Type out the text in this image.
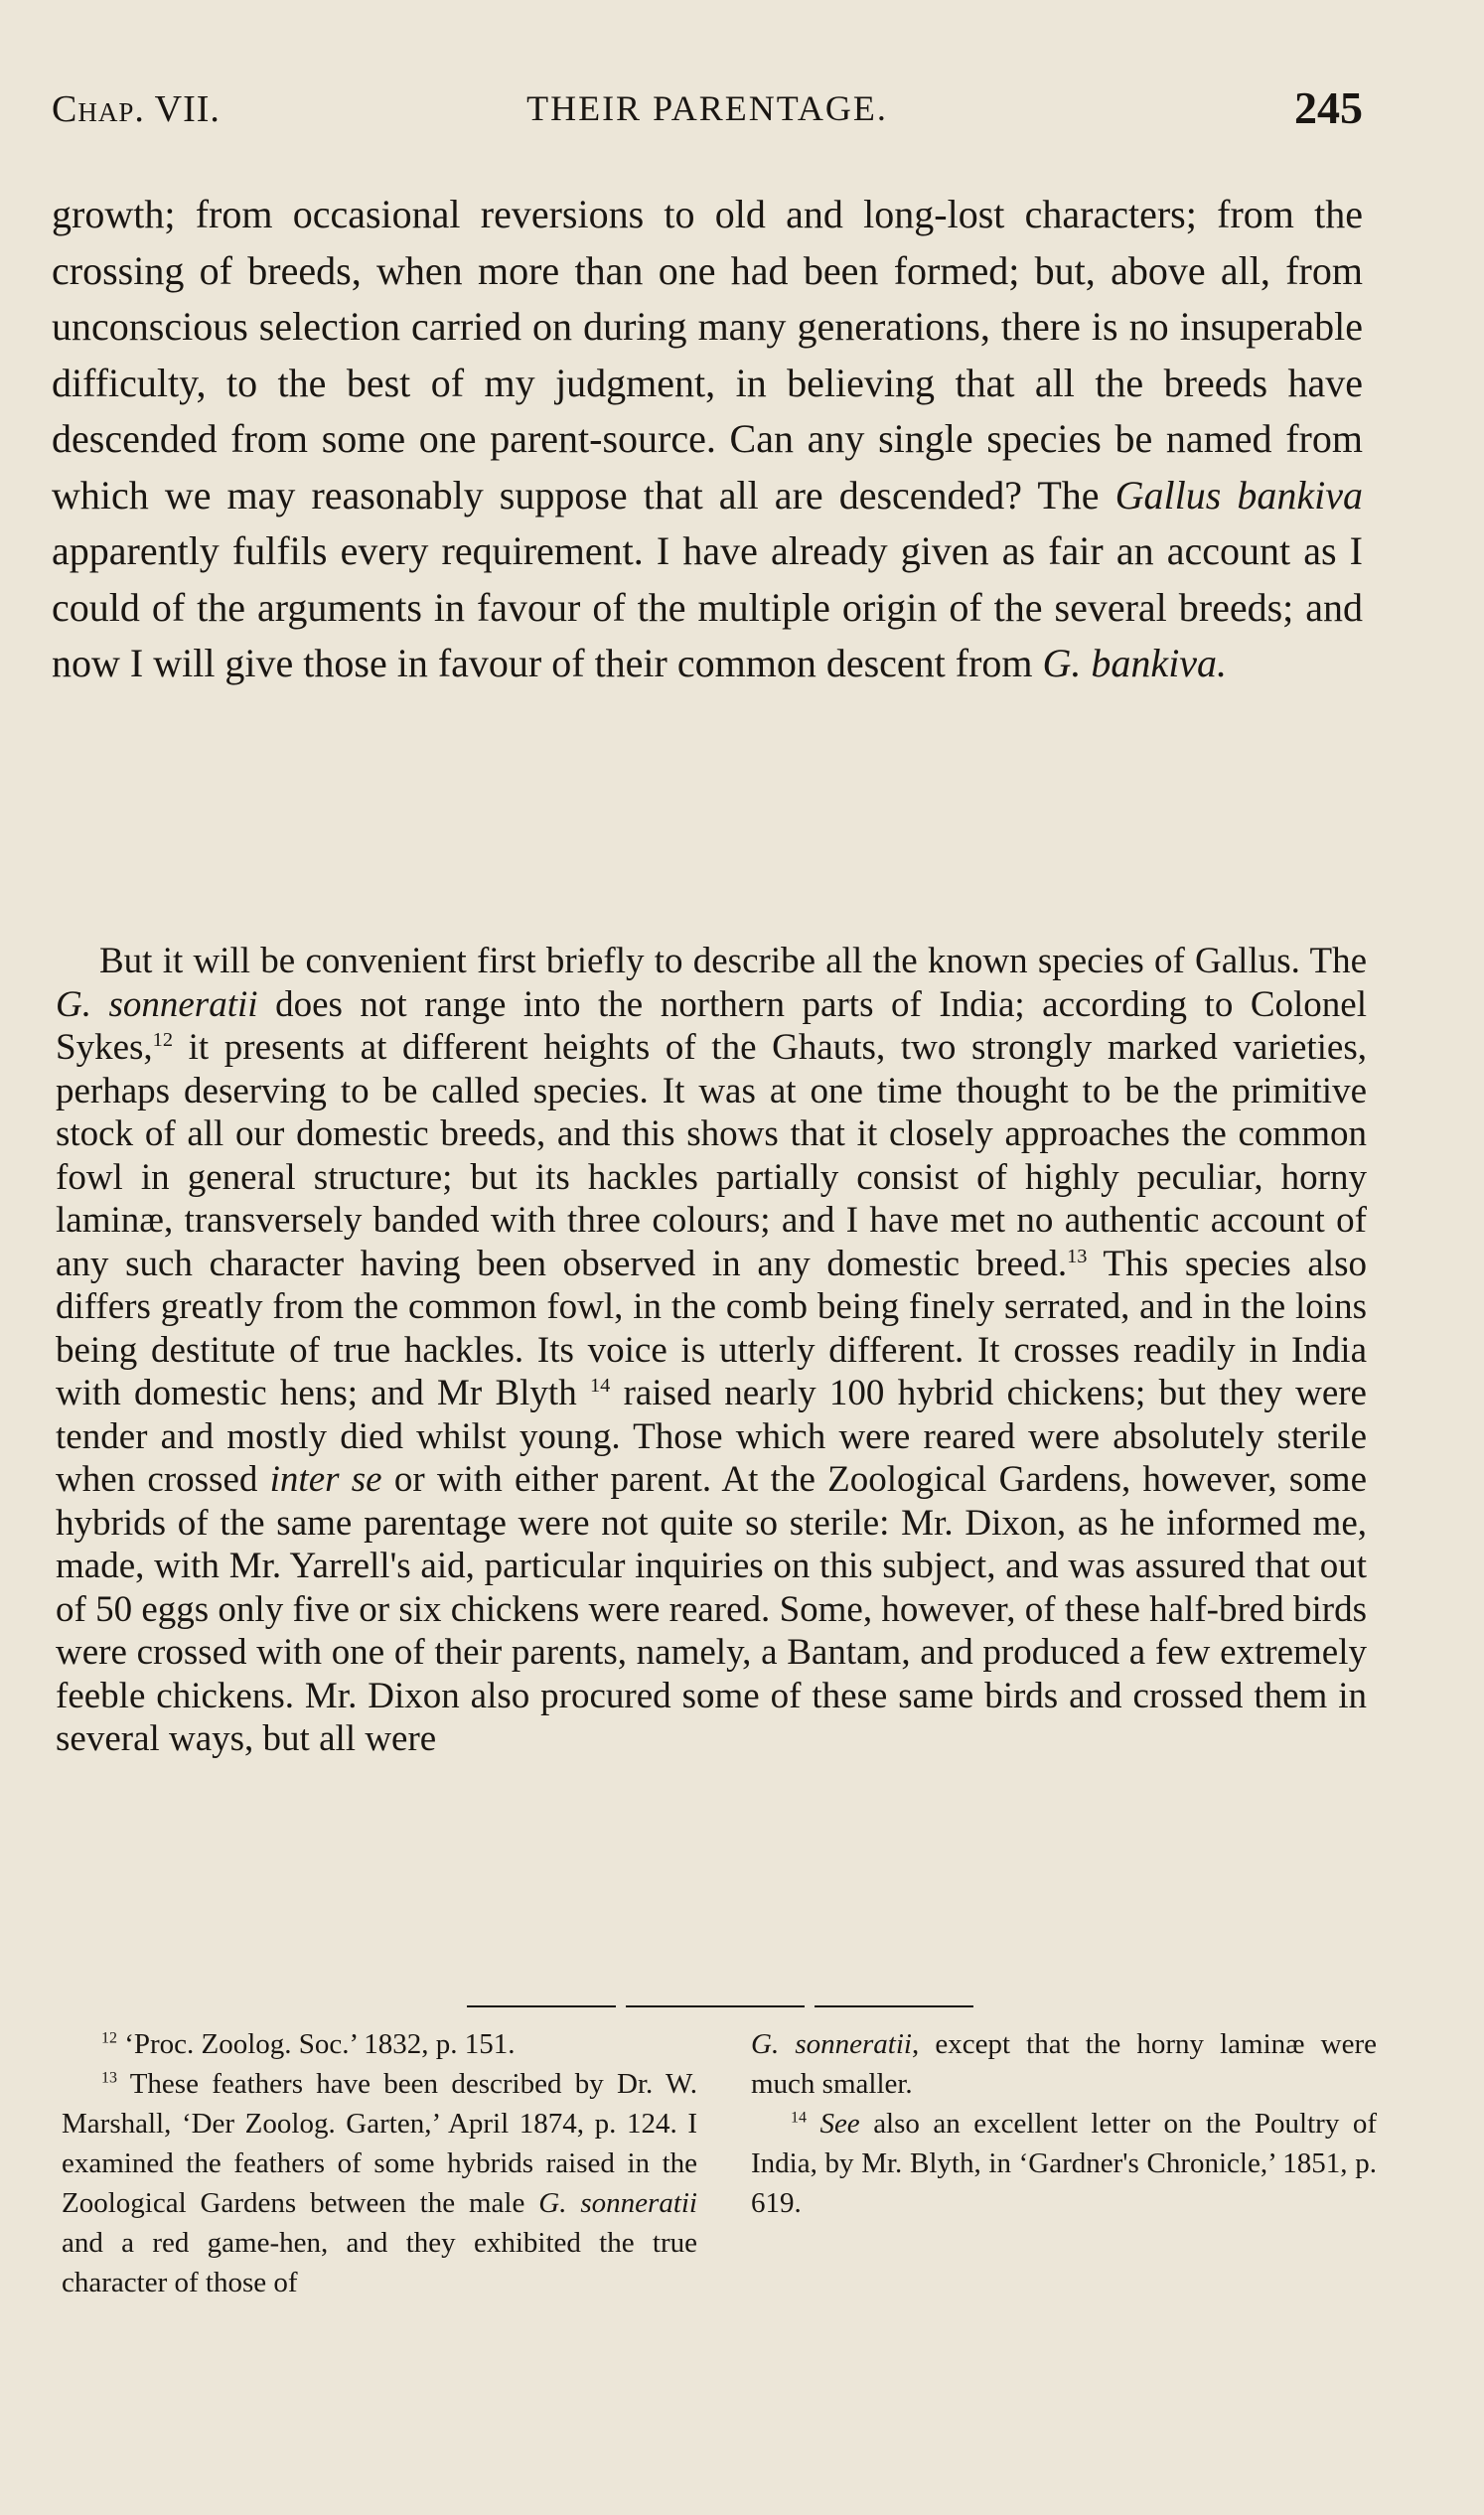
Chap. VII.	THEIR PARENTAGE.	245

growth; from occasional reversions to old and long-lost characters; from the crossing of breeds, when more than one had been formed; but, above all, from unconscious selection carried on during many generations, there is no insuperable difficulty, to the best of my judgment, in believing that all the breeds have descended from some one parent-source. Can any single species be named from which we may reasonably suppose that all are descended? The Gallus bankiva apparently fulfils every requirement. I have already given as fair an account as I could of the arguments in favour of the multiple origin of the several breeds; and now I will give those in favour of their common descent from G. bankiva.

But it will be convenient first briefly to describe all the known species of Gallus. The G. sonneratii does not range into the northern parts of India; according to Colonel Sykes,$^{12}$ it presents at different heights of the Ghauts, two strongly marked varieties, perhaps deserving to be called species. It was at one time thought to be the primitive stock of all our domestic breeds, and this shows that it closely approaches the common fowl in general structure; but its hackles partially consist of highly peculiar, horny laminæ, transversely banded with three colours; and I have met no authentic account of any such character having been observed in any domestic breed.$^{13}$ This species also differs greatly from the common fowl, in the comb being finely serrated, and in the loins being destitute of true hackles. Its voice is utterly different. It crosses readily in India with domestic hens; and Mr Blyth $^{14}$ raised nearly 100 hybrid chickens; but they were tender and mostly died whilst young. Those which were reared were absolutely sterile when crossed inter se or with either parent. At the Zoological Gardens, however, some hybrids of the same parentage were not quite so sterile: Mr. Dixon, as he informed me, made, with Mr. Yarrell's aid, particular inquiries on this subject, and was assured that out of 50 eggs only five or six chickens were reared. Some, however, of these half-bred birds were crossed with one of their parents, namely, a Bantam, and produced a few extremely feeble chickens. Mr. Dixon also procured some of these same birds and crossed them in several ways, but all were

$^{12}$ ‘Proc. Zoolog. Soc.’ 1832, p. 151.

$^{13}$ These feathers have been described by Dr. W. Marshall, ‘Der Zoolog. Garten,’ April 1874, p. 124. I examined the feathers of some hybrids raised in the Zoological Gardens between the male G. sonneratii and a red game-hen, and they exhibited the true character of those of

G. sonneratii, except that the horny laminæ were much smaller.

$^{14}$ See also an excellent letter on the Poultry of India, by Mr. Blyth, in ‘Gardner's Chronicle,’ 1851, p. 619.
